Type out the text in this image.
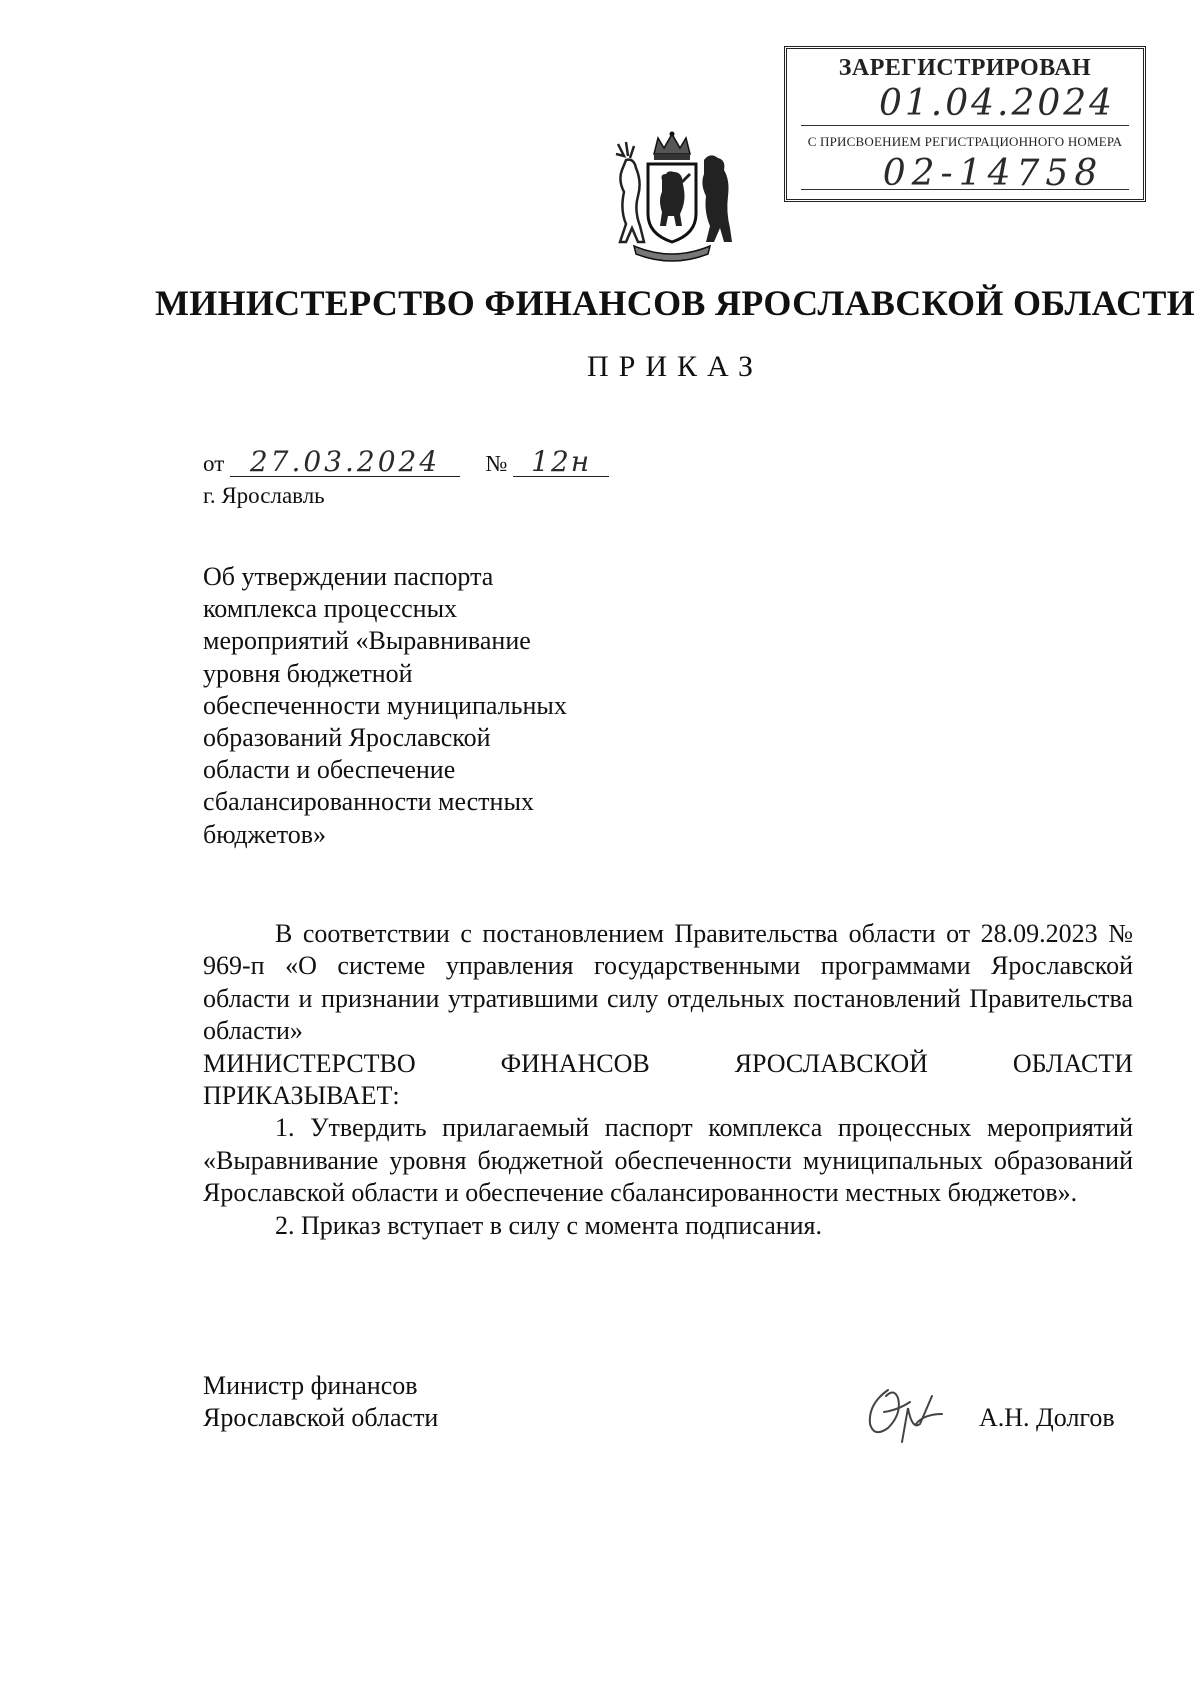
ЗАРЕГИСТРИРОВАН
01.04.2024
С ПРИСВОЕНИЕМ РЕГИСТРАЦИОННОГО НОМЕРА
02-14758
МИНИСТЕРСТВО ФИНАНСОВ ЯРОСЛАВСКОЙ ОБЛАСТИ
ПРИКАЗ
от 27.03.2024 № 12н
г. Ярославль
Об утверждении паспорта
комплекса процессных
мероприятий «Выравнивание
уровня бюджетной
обеспеченности муниципальных
образований Ярославской
области и обеспечение
сбалансированности местных
бюджетов»

В соответствии с постановлением Правительства области от 28.09.2023 № 969-п «О системе управления государственными программами Ярославской области и признании утратившими силу отдельных постановлений Правительства области»

МИНИСТЕРСТВО ФИНАНСОВ ЯРОСЛАВСКОЙ ОБЛАСТИ

ПРИКАЗЫВАЕТ:

1. Утвердить прилагаемый паспорт комплекса процессных мероприятий «Выравнивание уровня бюджетной обеспеченности муниципальных образований Ярославской области и обеспечение сбалансированности местных бюджетов».

2. Приказ вступает в силу с момента подписания.

Министр финансов
Ярославской области	А.Н. Долгов
